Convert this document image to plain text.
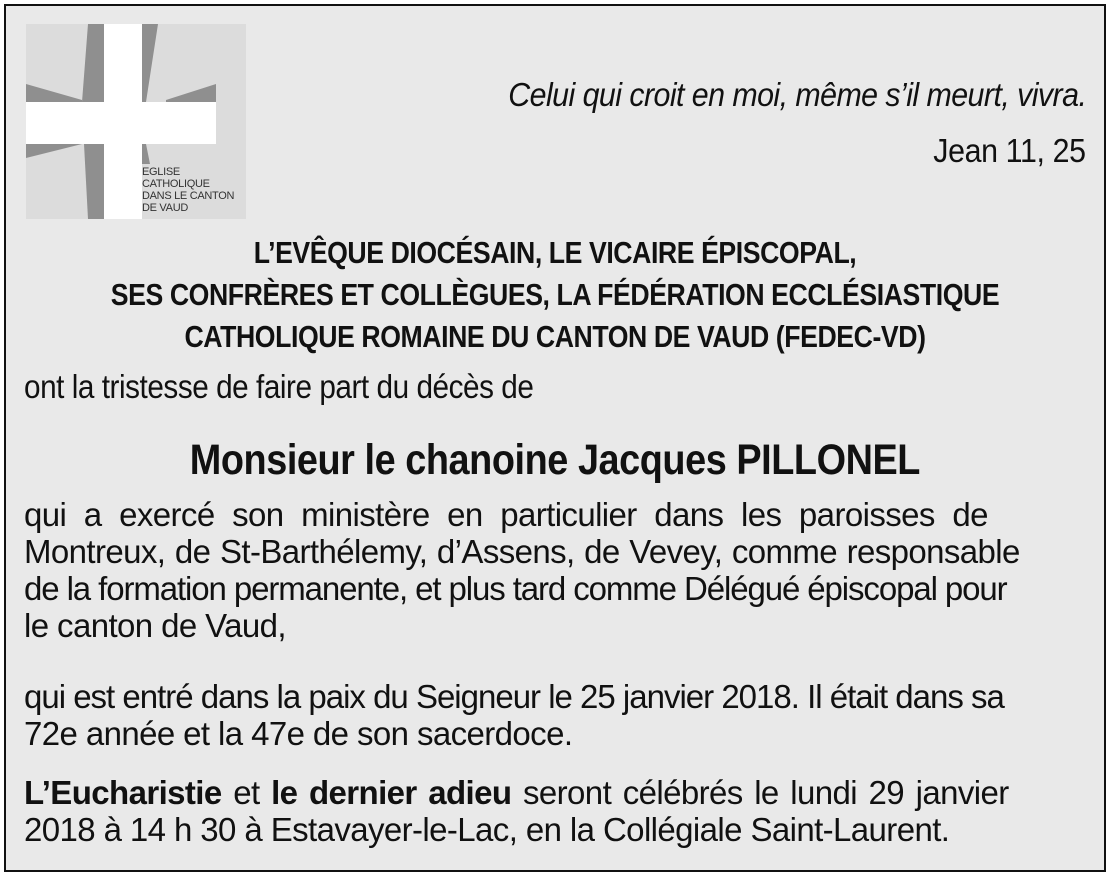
EGLISE
CATHOLIQUE
DANS LE CANTON
DE VAUD
Celui qui croit en moi, même s’il meurt, vivra.
Jean 11, 25
L’EVÊQUE DIOCÉSAIN, LE VICAIRE ÉPISCOPAL,
SES CONFRÈRES ET COLLÈGUES, LA FÉDÉRATION ECCLÉSIASTIQUE
CATHOLIQUE ROMAINE DU CANTON DE VAUD (FEDEC-VD)
ont la tristesse de faire part du décès de
Monsieur le chanoine Jacques PILLONEL
qui a exercé son ministère en particulier dans les paroisses de
Montreux, de St-Barthélemy, d’Assens, de Vevey, comme responsable
de la formation permanente, et plus tard comme Délégué épiscopal pour
le canton de Vaud,
qui est entré dans la paix du Seigneur le 25 janvier 2018. Il était dans sa
72e année et la 47e de son sacerdoce.
L’Eucharistie et le dernier adieu seront célébrés le lundi 29 janvier
2018 à 14 h 30 à Estavayer-le-Lac, en la Collégiale Saint-Laurent.
